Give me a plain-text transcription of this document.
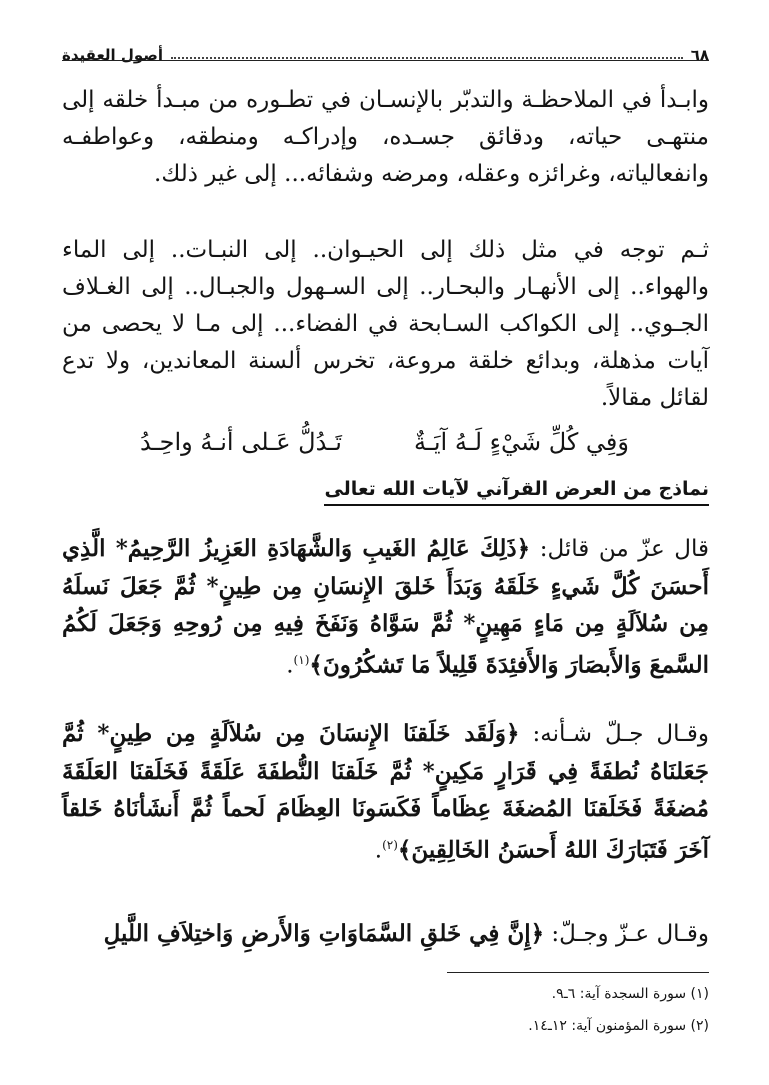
٦٨
أصول العقيدة

وابـدأ في الملاحظـة والتدبّر بالإنسـان في تطـوره من مبـدأ خلقه إلى منتهـى حياته، ودقائق جسـده، وإدراكـه ومنطقه، وعواطفـه وانفعالياته، وغرائزه وعقله، ومرضه وشفائه... إلى غير ذلك.

ثـم توجه في مثل ذلك إلى الحيـوان.. إلى النبـات.. إلى الماء والهواء.. إلى الأنهـار والبحـار.. إلى السـهول والجبـال.. إلى الغـلاف الجـوي.. إلى الكواكب السـابحة في الفضاء... إلى مـا لا يحصى من آيات مذهلة، وبدائع خلقة مروعة، تخرس ألسنة المعاندين، ولا تدع لقائل مقالاً.

وَفِي كُلِّ شَيْءٍ لَـهُ آيَـةٌ
تَـدُلُّ عَـلى أنـهُ واحِـدُ
نماذج من العرض القرآني لآيات الله تعالى

قال عزّ من قائل: ﴿ذَلِكَ عَالِمُ الغَيبِ وَالشَّهَادَةِ العَزِيزُ الرَّحِيمُ* الَّذِي أَحسَنَ كُلَّ شَيءٍ خَلَقَهُ وَبَدَأَ خَلقَ الإِنسَانِ مِن طِينٍ* ثُمَّ جَعَلَ نَسلَهُ مِن سُلاَلَةٍ مِن مَاءٍ مَهِينٍ* ثُمَّ سَوَّاهُ وَنَفَخَ فِيهِ مِن رُوحِهِ وَجَعَلَ لَكُمُ السَّمعَ وَالأَبصَارَ وَالأَفئِدَةَ قَلِيلاً مَا تَشكُرُونَ﴾$^{(١)}$.

وقـال جـلّ شـأنه: ﴿وَلَقَد خَلَقنَا الإِنسَانَ مِن سُلاَلَةٍ مِن طِينٍ* ثُمَّ جَعَلنَاهُ نُطفَةً فِي قَرَارٍ مَكِينٍ* ثُمَّ خَلَقنَا النُّطفَةَ عَلَقَةً فَخَلَقنَا العَلَقَةَ مُضغَةً فَخَلَقنَا المُضغَةَ عِظَاماً فَكَسَونَا العِظَامَ لَحماً ثُمَّ أَنشَأنَاهُ خَلقاً آخَرَ فَتَبَارَكَ اللهُ أَحسَنُ الخَالِقِينَ﴾$^{(٢)}$.

وقـال عـزّ وجـلّ: ﴿إِنَّ فِي خَلقِ السَّمَاوَاتِ وَالأَرضِ وَاختِلاَفِ اللَّيلِ

(١) سورة السجدة آية: ٦ـ٩.
(٢) سورة المؤمنون آية: ١٢ـ١٤.
